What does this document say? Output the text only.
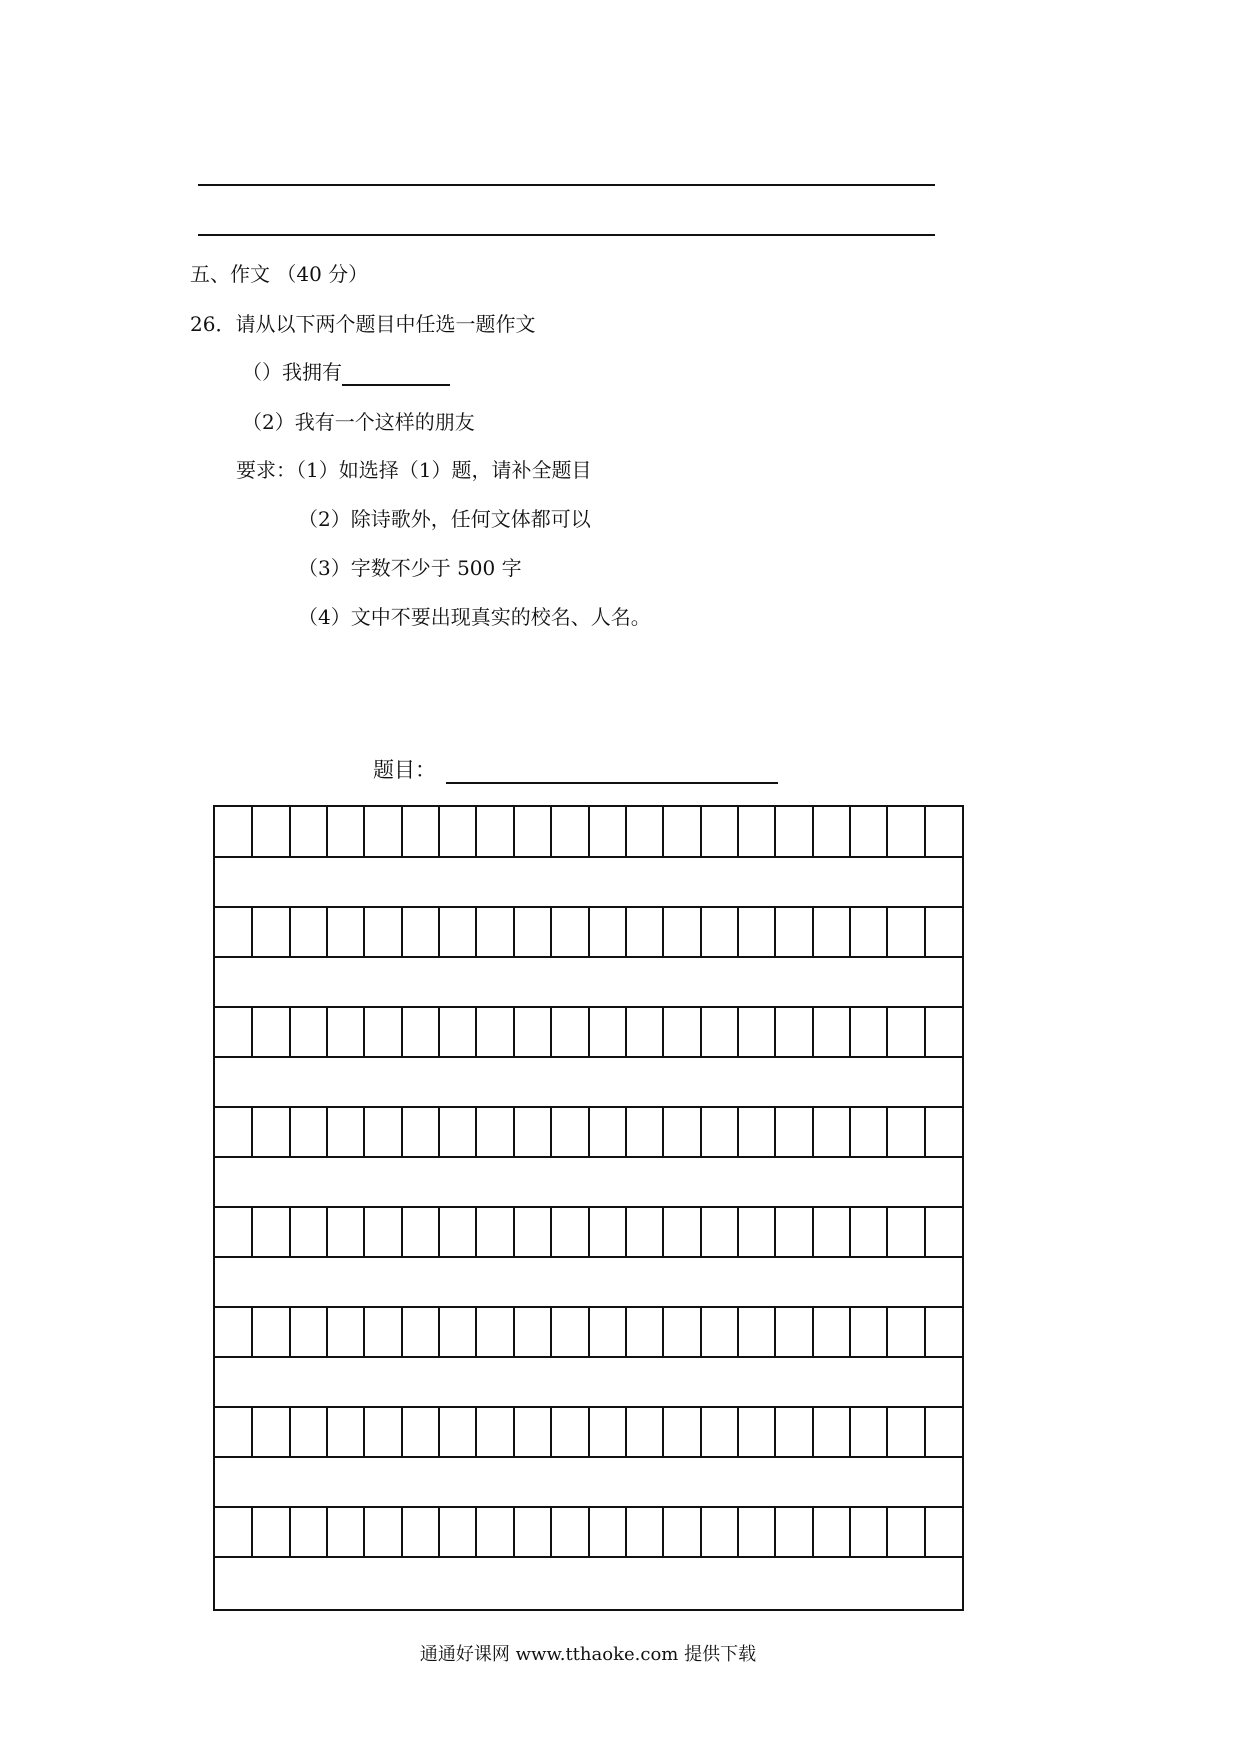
五、作文 （40 分）
26．请从以下两个题目中任选一题作文
（）我拥有
（2）我有一个这样的朋友
要求：（1）如选择（1）题，请补全题目
（2）除诗歌外，任何文体都可以
（3）字数不少于 500 字
（4）文中不要出现真实的校名、人名。
题目：
通通好课网 www.tthaoke.com 提供下载
